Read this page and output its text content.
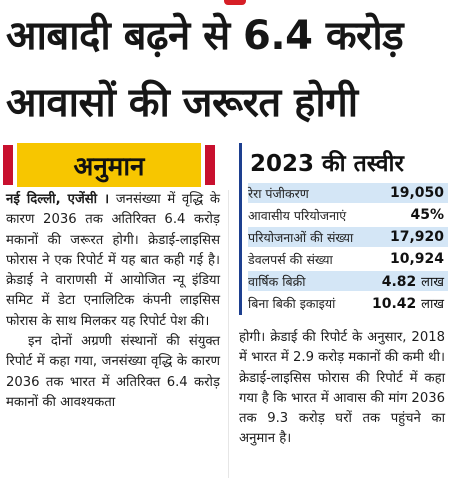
आबादी बढ़ने से 6.4 करोड़
आवासों की जरूरत होगी
अनुमान	2023 की तस्वीर
रेरा पंजीकरण	19,050
आवासीय परियोजनाएं	45%
परियोजनाओं की संख्या	17,920
डेवलपर्स की संख्या	10,924
वार्षिक बिक्री	4.82 लाख
बिना बिकी इकाइयां	10.42 लाख

नई दिल्ली, एजेंसी । जनसंख्या में वृद्धि के कारण 2036 तक अतिरिक्त 6.4 करोड़ मकानों की जरूरत होगी। क्रेडाई-लाइसिस फोरास ने एक रिपोर्ट में यह बात कही गई है। क्रेडाई ने वाराणसी में आयोजित न्यू इंडिया समिट में डेटा एनालिटिक कंपनी लाइसिस फोरास के साथ मिलकर यह रिपोर्ट पेश की।

इन दोनों अग्रणी संस्थानों की संयुक्त रिपोर्ट में कहा गया, जनसंख्या वृद्धि के कारण 2036 तक भारत में अतिरिक्त 6.4 करोड़ मकानों की आवश्यकता

होगी। क्रेडाई की रिपोर्ट के अनुसार, 2018 में भारत में 2.9 करोड़ मकानों की कमी थी। क्रेडाई-लाइसिस फोरास की रिपोर्ट में कहा गया है कि भारत में आवास की मांग 2036 तक 9.3 करोड़ घरों तक पहुंचने का अनुमान है।
